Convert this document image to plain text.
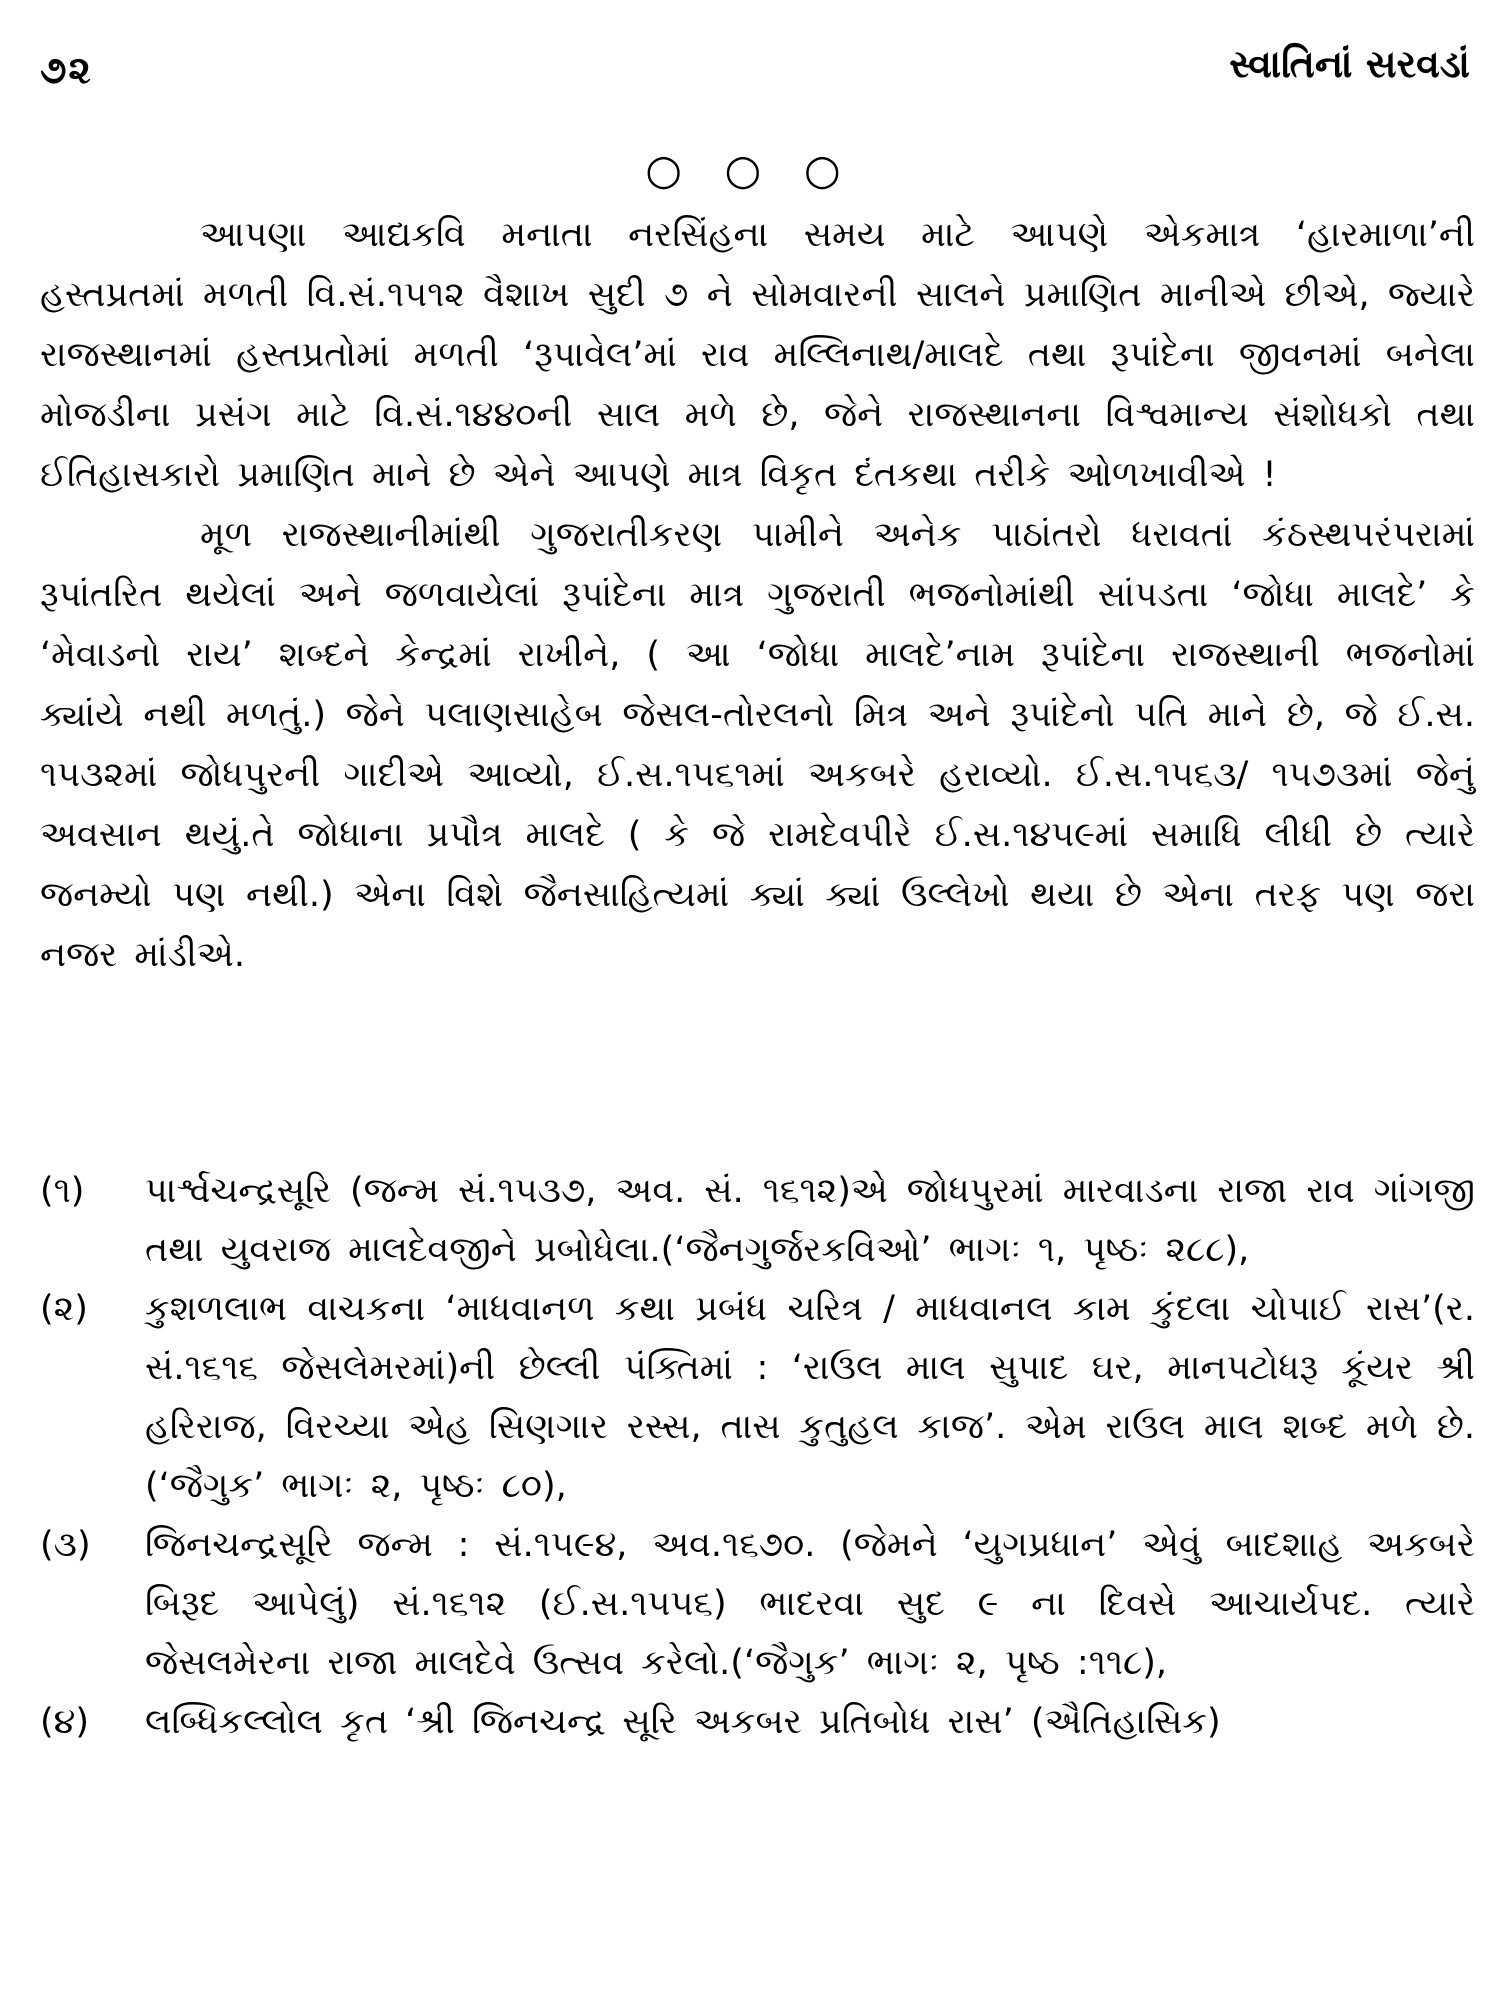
૭૨	સ્વાતિનાં સરવડાં
○ ○ ○

આપણા આદ્યકવિ મનાતા નરસિંહના સમય માટે આપણે એકમાત્ર ‘હારમાળા’ની હસ્તપ્રતમાં મળતી વિ.સં.૧૫૧૨ વૈશાખ સુદી ૭ ને સોમવારની સાલને પ્રમાણિત માનીએ છીએ, જ્યારે રાજસ્થાનમાં હસ્તપ્રતોમાં મળતી ‘રૂપાવેલ’માં રાવ મલ્લિનાથ/માલદે તથા રૂપાંદેના જીવનમાં બનેલા મોજડીના પ્રસંગ માટે વિ.સં.૧૪૪૦ની સાલ મળે છે, જેને રાજસ્થાનના વિશ્વમાન્ય સંશોધકો તથા ઈતિહાસકારો પ્રમાણિત માને છે એને આપણે માત્ર વિકૃત દંતકથા તરીકે ઓળખાવીએ !

મૂળ રાજસ્થાનીમાંથી ગુજરાતીકરણ પામીને અનેક પાઠાંતરો ધરાવતાં કંઠસ્થપરંપરામાં રૂપાંતરિત થયેલાં અને જળવાયેલાં રૂપાંદેના માત્ર ગુજરાતી ભજનોમાંથી સાંપડતા ‘જોધા માલદે’ કે ‘મેવાડનો રાય’ શબ્દને કેન્દ્રમાં રાખીને, ( આ ‘જોધા માલદે’નામ રૂપાંદેના રાજસ્થાની ભજનોમાં ક્યાંયે નથી મળતું.) જેને પલાણસાહેબ જેસલ-તોરલનો મિત્ર અને રૂપાંદેનો પતિ માને છે, જે ઈ.સ. ૧૫૩૨માં જોધપુરની ગાદીએ આવ્યો, ઈ.સ.૧૫૬૧માં અકબરે હરાવ્યો. ઈ.સ.૧૫૬૩/ ૧૫૭૩માં જેનું અવસાન થયું.તે જોધાના પ્રપૌત્ર માલદે ( કે જે રામદેવપીરે ઈ.સ.૧૪૫૯માં સમાધિ લીધી છે ત્યારે જનમ્યો પણ નથી.) એના વિશે જૈનસાહિત્યમાં ક્યાં ક્યાં ઉલ્લેખો થયા છે એના તરફ પણ જરા નજર માંડીએ.

(૧)	પાર્શ્વચન્દ્રસૂરિ (જન્મ સં.૧૫૩૭, અવ. સં. ૧૬૧૨)એ જોધપુરમાં મારવાડના રાજા રાવ ગાંગજી તથા યુવરાજ માલદેવજીને પ્રબોધેલા.(‘જૈનગુર્જરકવિઓ’ ભાગઃ ૧, પૃષ્ઠઃ ૨૮૮),
(૨)	કુશળલાભ વાચકના ‘માધવાનળ કથા પ્રબંધ ચરિત્ર / માધવાનલ કામ કુંદલા ચોપાઈ રાસ’(ર. સં.૧૬૧૬ જેસલેમરમાં)ની છેલ્લી પંક્તિમાં : ‘રાઉલ માલ સુપાદ ઘર, માનપટોધરૂ કૂંયર શ્રી હરિરાજ, વિરચ્યા એહ સિણગાર રસ્સ, તાસ કુતુહલ કાજ’. એમ રાઉલ માલ શબ્દ મળે છે. (‘જૈગુક’ ભાગઃ ૨, પૃષ્ઠઃ ૮૦),
(૩)	જિનચન્દ્રસૂરિ જન્મ : સં.૧૫૯૪, અવ.૧૬૭૦. (જેમને ‘યુગપ્રધાન’ એવું બાદશાહ અકબરે બિરૂદ આપેલું) સં.૧૬૧૨ (ઈ.સ.૧૫૫૬) ભાદરવા સુદ ૯ ના દિવસે આચાર્યપદ. ત્યારે જેસલમેરના રાજા માલદેવે ઉત્સવ કરેલો.(‘જૈગુક’ ભાગઃ ૨, પૃષ્ઠ :૧૧૮),
(૪)	લબ્ધિકલ્લોલ કૃત ‘શ્રી જિનચન્દ્ર સૂરિ અકબર પ્રતિબોધ રાસ’ (ઐતિહાસિક)
